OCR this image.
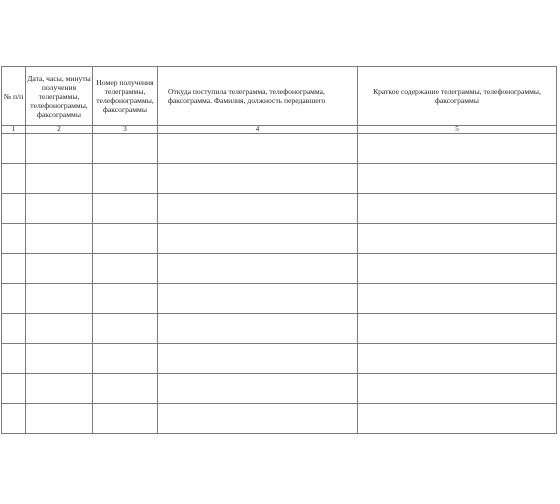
№ п/п	Дата, часы, минуты получения телеграммы, телефонограммы, факсограммы	Номер получения телеграммы, телефонограммы, факсограммы	Откуда поступила телеграмма, телефонограмма, факсограмма. Фамилия, должность передавшего	Краткое содержание телеграммы, телефонограммы, факсограммы
1	2	3	4	5
